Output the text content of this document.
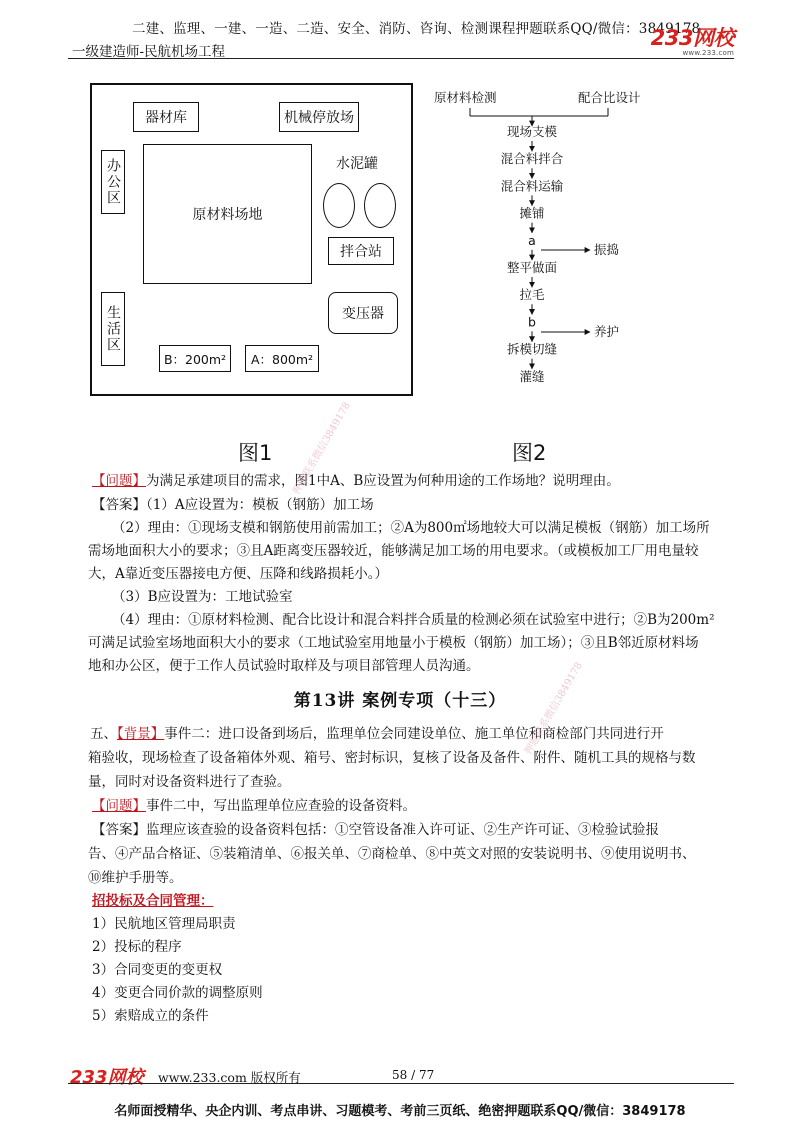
二建、监理、一建、一造、二造、安全、消防、咨询、检测课程押题联系QQ/微信：3849178
一级建造师-民航机场工程
233网校
www.233.com
器材库	机械停放场
办公区
原材料场地
水泥罐
拌合站
变压器
生活区
B：200m²	A：800m²
原材料检测	配合比设计
现场支模
混合料拌合
混合料运输
摊铺
a
整平做面
拉毛
b
拆模切缝
灌缝
振捣
养护
图1	图2
【问题】为满足承建项目的需求，图1中A、B应设置为何种用途的工作场地？说明理由。
【答案】（1）A应设置为：模板（钢筋）加工场
（2）理由：①现场支模和钢筋使用前需加工；②A为800㎡场地较大可以满足模板（钢筋）加工场所
需场地面积大小的要求；③且A距离变压器较近，能够满足加工场的用电要求。（或模板加工厂用电量较
大，A靠近变压器接电方便、压降和线路损耗小。）
（3）B应设置为：工地试验室
（4）理由：①原材料检测、配合比设计和混合料拌合质量的检测必须在试验室中进行；②B为200m²
可满足试验室场地面积大小的要求（工地试验室用地量小于模板（钢筋）加工场）；③且B邻近原材料场
地和办公区，便于工作人员试验时取样及与项目部管理人员沟通。
第13讲 案例专项（十三）
五、【背景】事件二：进口设备到场后，监理单位会同建设单位、施工单位和商检部门共同进行开
箱验收，现场检查了设备箱体外观、箱号、密封标识，复核了设备及备件、附件、随机工具的规格与数
量，同时对设备资料进行了查验。
【问题】事件二中，写出监理单位应查验的设备资料。
【答案】监理应该查验的设备资料包括：①空管设备准入许可证、②生产许可证、③检验试验报
告、④产品合格证、⑤装箱清单、⑥报关单、⑦商检单、⑧中英文对照的安装说明书、⑨使用说明书、
⑩维护手册等。
招投标及合同管理：
1）民航地区管理局职责
2）投标的程序
3）合同变更的变更权
4）变更合同价款的调整原则
5）索赔成立的条件
押题联系微信3849178
押题联系微信3849178
233网校 www.233.com 版权所有	58 / 77
名师面授精华、央企内训、考点串讲、习题模考、考前三页纸、绝密押题联系QQ/微信：3849178
